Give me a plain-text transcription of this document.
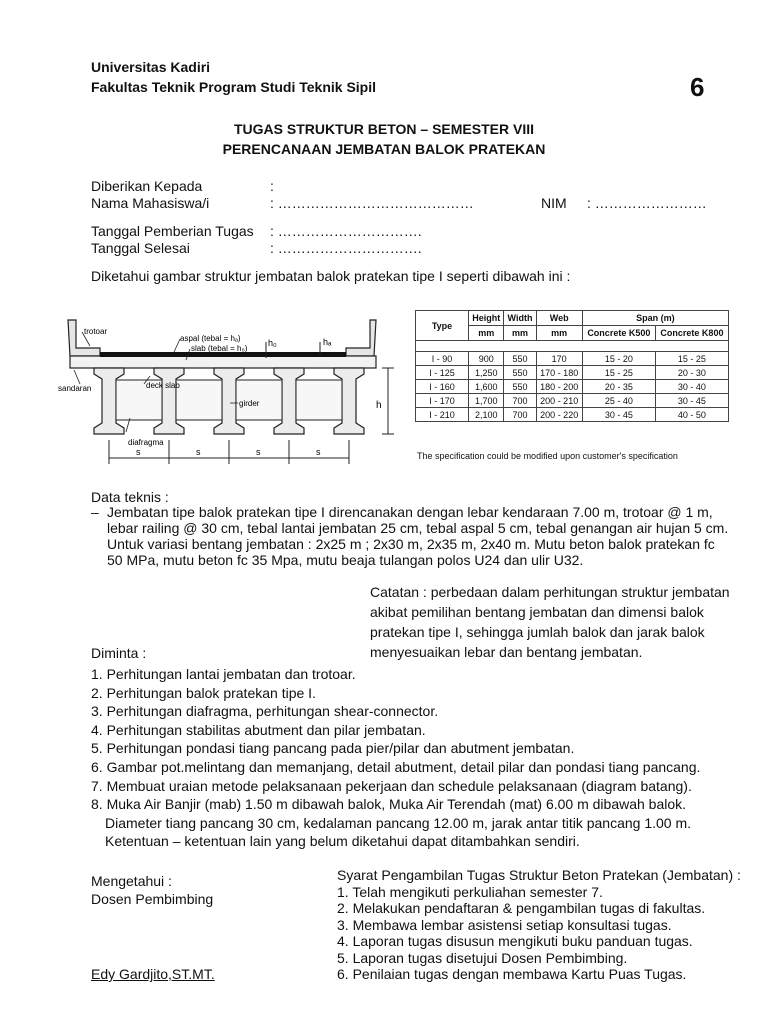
Universitas Kadiri
Fakultas Teknik Program Studi Teknik Sipil	6
TUGAS STRUKTUR BETON – SEMESTER VIII
PERENCANAAN JEMBATAN BALOK PRATEKAN
Diberikan Kepada	:
Nama Mahasiswa/i	: ……………………………………	NIM : ……………………
Tanggal Pemberian Tugas : ………………………….
Tanggal Selesai	: ………………………….
Diketahui gambar struktur jembatan balok pratekan tipe I seperti dibawah ini :
h
s	s	s	s
h₀	hₐ
trotoar
aspal (tebal = hₐ)
slab (tebal = h₀)
sandaran	deck slab
girder
diafragma
Type	Height	Width	Web	Span (m)	
	mm	mm	mm	Concrete K500	Concrete K800

I - 90	900	550	170	15 - 20	15 - 25
I - 125	1,250	550	170 - 180	15 - 25	20 - 30
I - 160	1,600	550	180 - 200	20 - 35	30 - 40
I - 170	1,700	700	200 - 210	25 - 40	30 - 45
I - 210	2,100	700	200 - 220	30 - 45	40 - 50
The specification could be modified upon customer's specification
Data teknis :
– Jembatan tipe balok pratekan tipe I direncanakan dengan lebar kendaraan 7.00 m, trotoar @ 1 m,
lebar railing @ 30 cm, tebal lantai jembatan 25 cm, tebal aspal 5 cm, tebal genangan air hujan 5 cm.
Untuk variasi bentang jembatan : 2x25 m ; 2x30 m, 2x35 m, 2x40 m. Mutu beton balok pratekan fc
50 MPa, mutu beton fc 35 Mpa, mutu beaja tulangan polos U24 dan ulir U32.
Catatan : perbedaan dalam perhitungan struktur jembatan
akibat pemilihan bentang jembatan dan dimensi balok
pratekan tipe I, sehingga jumlah balok dan jarak balok
menyesuaikan lebar dan bentang jembatan.
Diminta :
1. Perhitungan lantai jembatan dan trotoar.
2. Perhitungan balok pratekan tipe I.
3. Perhitungan diafragma, perhitungan shear-connector.
4. Perhitungan stabilitas abutment dan pilar jembatan.
5. Perhitungan pondasi tiang pancang pada pier/pilar dan abutment jembatan.
6. Gambar pot.melintang dan memanjang, detail abutment, detail pilar dan pondasi tiang pancang.
7. Membuat uraian metode pelaksanaan pekerjaan dan schedule pelaksanaan (diagram batang).
8. Muka Air Banjir (mab) 1.50 m dibawah balok, Muka Air Terendah (mat) 6.00 m dibawah balok.
Diameter tiang pancang 30 cm, kedalaman pancang 12.00 m, jarak antar titik pancang 1.00 m.
Ketentuan – ketentuan lain yang belum diketahui dapat ditambahkan sendiri.
Mengetahui :
Dosen Pembimbing
Edy Gardjito,ST.MT.
Syarat Pengambilan Tugas Struktur Beton Pratekan (Jembatan) :
1. Telah mengikuti perkuliahan semester 7.
2. Melakukan pendaftaran & pengambilan tugas di fakultas.
3. Membawa lembar asistensi setiap konsultasi tugas.
4. Laporan tugas disusun mengikuti buku panduan tugas.
5. Laporan tugas disetujui Dosen Pembimbing.
6. Penilaian tugas dengan membawa Kartu Puas Tugas.
